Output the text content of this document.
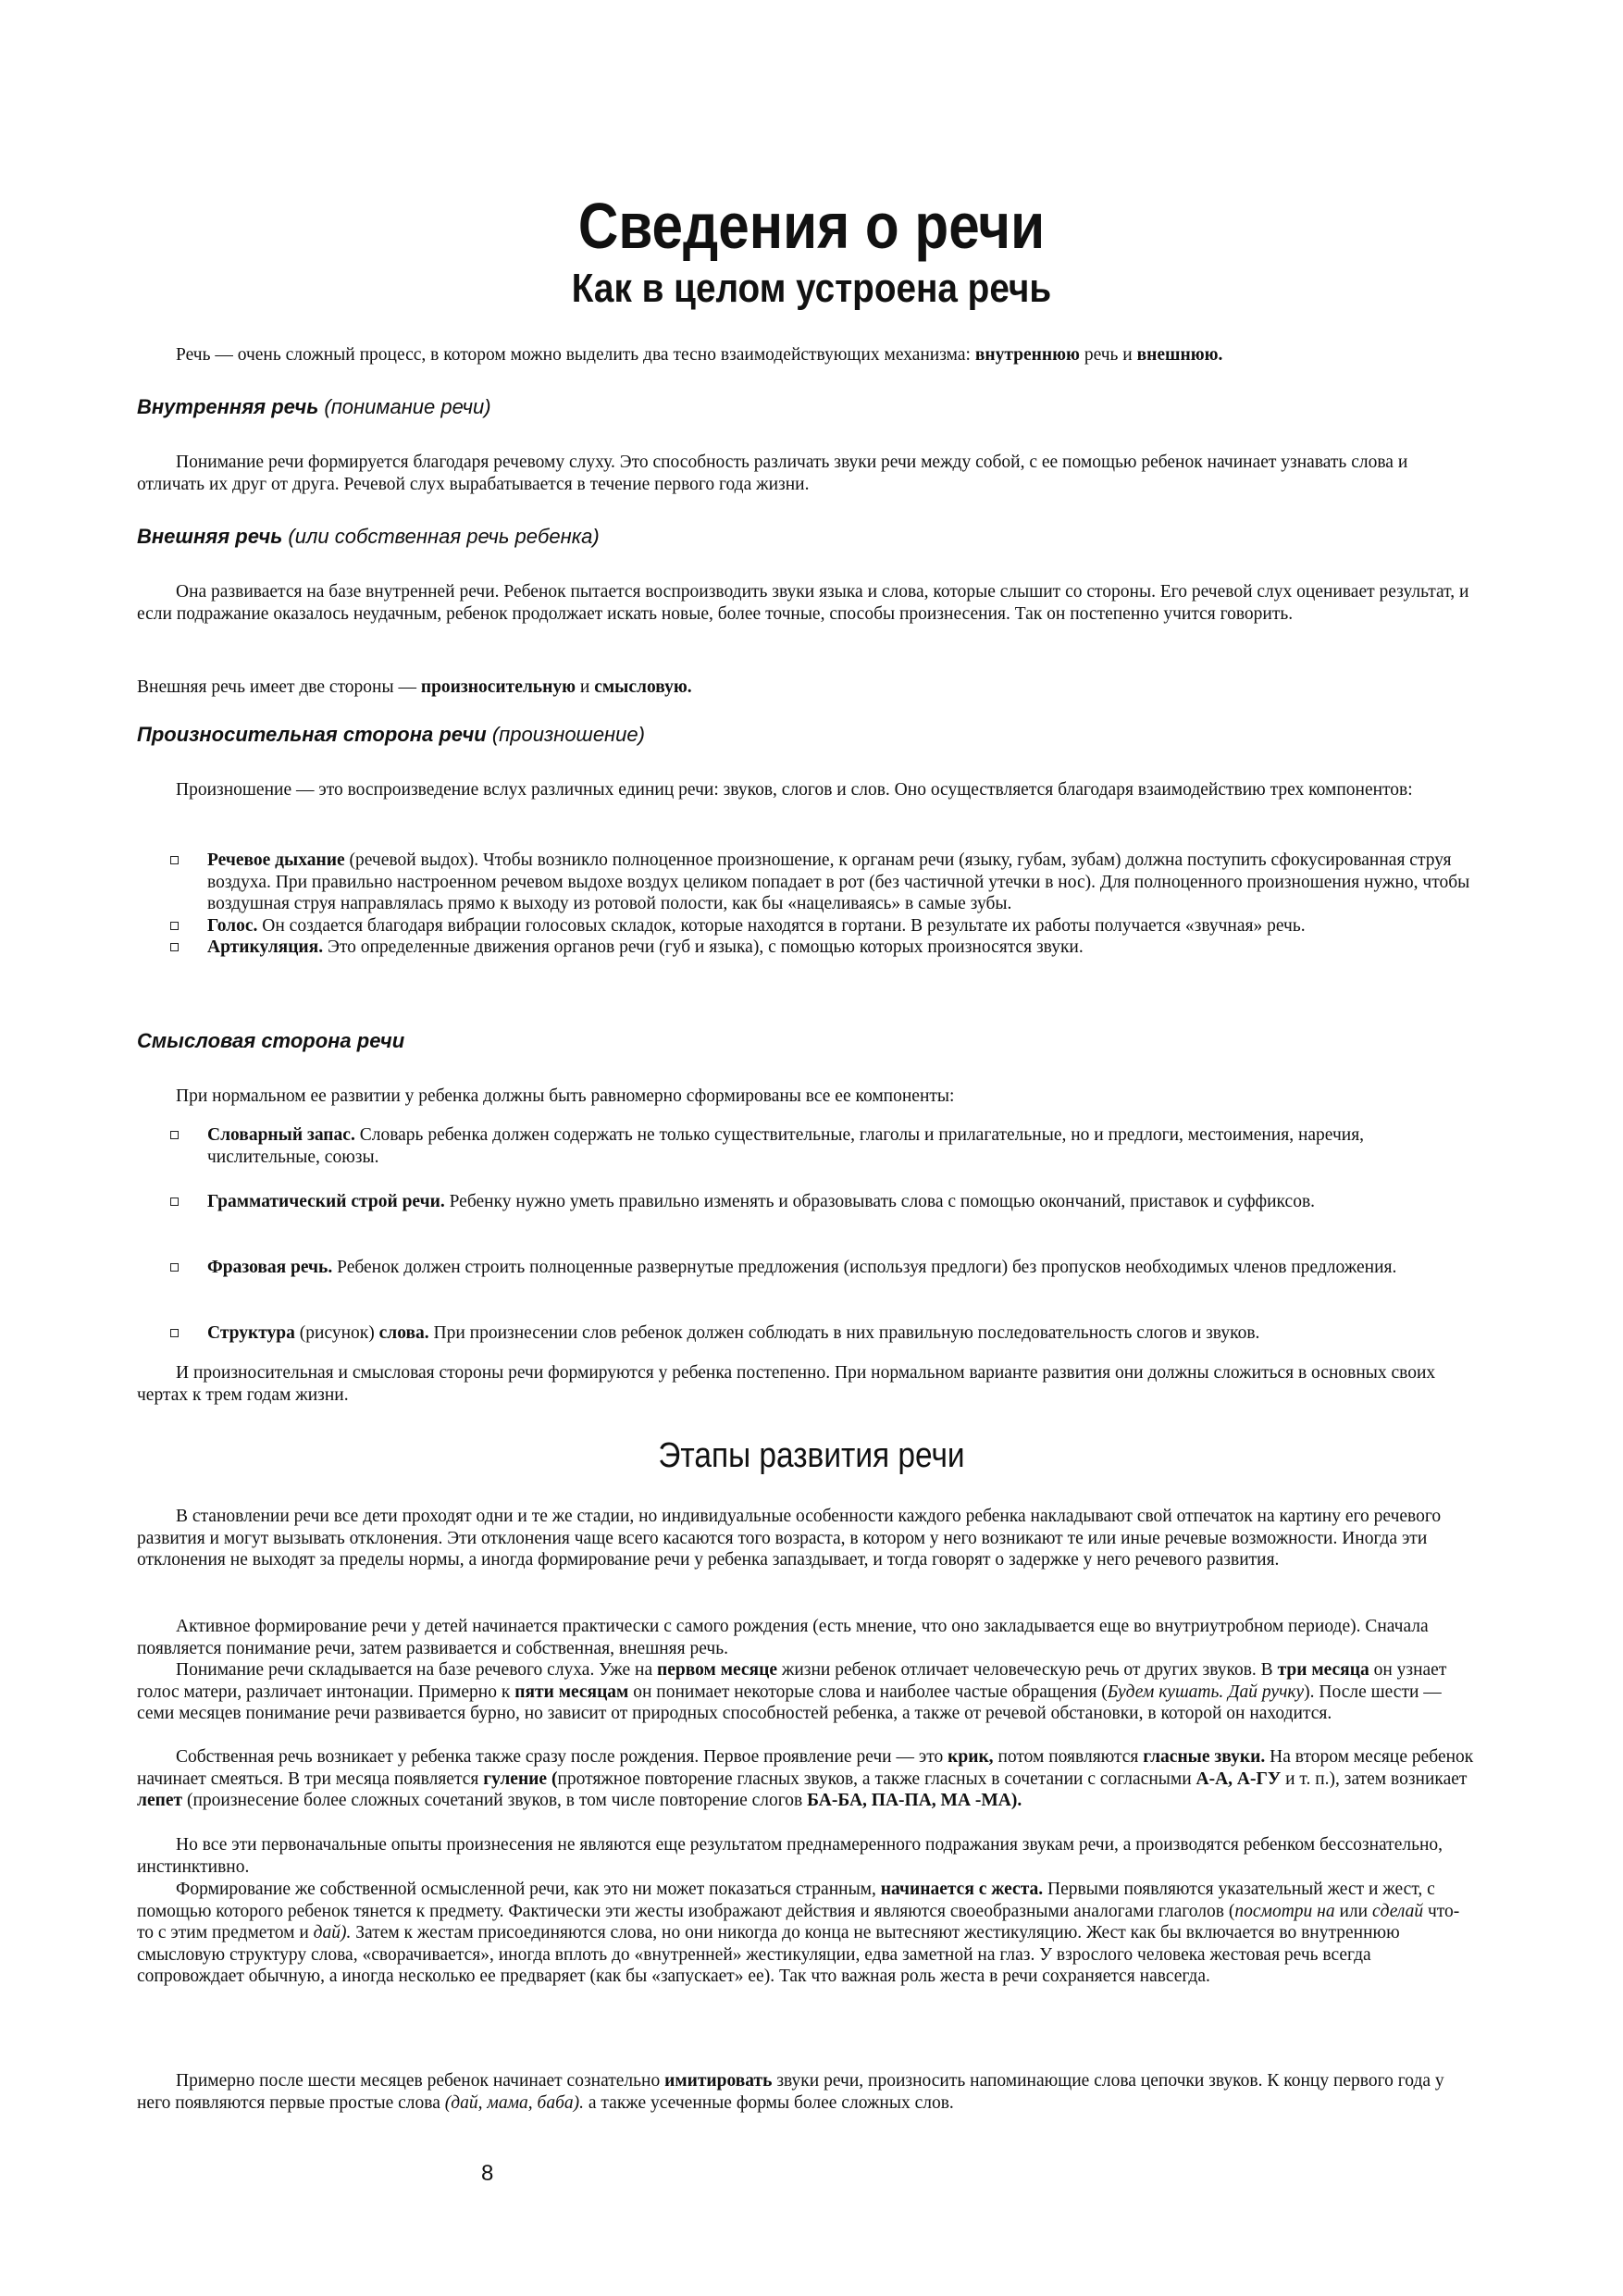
Сведения о речи
Как в целом устроена речь

Речь — очень сложный процесс, в котором можно выделить два тесно взаимодействующих механизма: внутреннюю речь и внешнюю.

Внутренняя речь (понимание речи)

Понимание речи формируется благодаря речевому слуху. Это способность различать звуки речи между собой, с ее помощью ребенок начинает узнавать слова и отличать их друг от друга. Речевой слух вырабатывается в течение первого года жизни.

Внешняя речь (или собственная речь ребенка)

Она развивается на базе внутренней речи. Ребенок пытается воспроизводить звуки языка и слова, которые слышит со стороны. Его речевой слух оценивает результат, и если подражание оказалось неудачным, ребенок продолжает искать новые, более точные, способы произнесения. Так он постепенно учится говорить.

Внешняя речь имеет две стороны — произносительную и смысловую.

Произносительная сторона речи (произношение)

Произношение — это воспроизведение вслух различных единиц речи: звуков, слогов и слов. Оно осуществляется благодаря взаимодействию трех компонентов:

Речевое дыхание (речевой выдох). Чтобы возникло полноценное произношение, к органам речи (языку, губам, зубам) должна поступить сфокусированная струя воздуха. При правильно настроенном речевом выдохе воздух целиком попадает в рот (без частичной утечки в нос). Для полноценного произношения нужно, чтобы воздушная струя направлялась прямо к выходу из ротовой полости, как бы «нацеливаясь» в самые зубы.
Голос. Он создается благодаря вибрации голосовых складок, которые находятся в гортани. В результате их работы получается «звучная» речь.
Артикуляция. Это определенные движения органов речи (губ и языка), с помощью которых произносятся звуки.
Смысловая сторона речи

При нормальном ее развитии у ребенка должны быть равномерно сформированы все ее компоненты:

Словарный запас. Словарь ребенка должен содержать не только существительные, глаголы и прилагательные, но и предлоги, местоимения, наречия, числительные, союзы.
Грамматический строй речи. Ребенку нужно уметь правильно изменять и образовывать слова с помощью окончаний, приставок и суффиксов.
Фразовая речь. Ребенок должен строить полноценные развернутые предложения (используя предлоги) без пропусков необходимых членов предложения.
Структура (рисунок) слова. При произнесении слов ребенок должен соблюдать в них правильную последовательность слогов и звуков.

И произносительная и смысловая стороны речи формируются у ребенка постепенно. При нормальном варианте развития они должны сложиться в основных своих чертах к трем годам жизни.

Этапы развития речи

В становлении речи все дети проходят одни и те же стадии, но индивидуальные особенности каждого ребенка накладывают свой отпечаток на картину его речевого развития и могут вызывать отклонения. Эти отклонения чаще всего касаются того возраста, в котором у него возникают те или иные речевые возможности. Иногда эти отклонения не выходят за пределы нормы, а иногда формирование речи у ребенка запаздывает, и тогда говорят о задержке у него речевого развития.

Активное формирование речи у детей начинается практически с самого рождения (есть мнение, что оно закладывается еще во внутриутробном периоде). Сначала появляется понимание речи, затем развивается и собственная, внешняя речь.

Понимание речи складывается на базе речевого слуха. Уже на первом месяце жизни ребенок отличает человеческую речь от других звуков. В три месяца он узнает голос матери, различает интонации. Примерно к пяти месяцам он понимает некоторые слова и наиболее частые обращения (Будем кушать. Дай ручку). После шести — семи месяцев понимание речи развивается бурно, но зависит от природных способностей ребенка, а также от речевой обстановки, в которой он находится.

Собственная речь возникает у ребенка также сразу после рождения. Первое проявление речи — это крик, потом появляются гласные звуки. На втором месяце ребенок начинает смеяться. В три месяца появляется гуление (протяжное повторение гласных звуков, а также гласных в сочетании с согласными А-А, А-ГУ и т. п.), затем возникает лепет (произнесение более сложных сочетаний звуков, в том числе повторение слогов БА-БА, ПА-ПА, МА -МА).

Но все эти первоначальные опыты произнесения не являются еще результатом преднамеренного подражания звукам речи, а производятся ребенком бессознательно, инстинктивно.

Формирование же собственной осмысленной речи, как это ни может показаться странным, начинается с жеста. Первыми появляются указательный жест и жест, с помощью которого ребенок тянется к предмету. Фактически эти жесты изображают действия и являются своеобразными аналогами глаголов (посмотри на или сделай что-то с этим предметом и дай). Затем к жестам присоединяются слова, но они никогда до конца не вытесняют жестикуляцию. Жест как бы включается во внутреннюю смысловую структуру слова, «сворачивается», иногда вплоть до «внутренней» жестикуляции, едва заметной на глаз. У взрослого человека жестовая речь всегда сопровождает обычную, а иногда несколько ее предваряет (как бы «запускает» ее). Так что важная роль жеста в речи сохраняется навсегда.

Примерно после шести месяцев ребенок начинает сознательно имитировать звуки речи, произносить напоминающие слова цепочки звуков. К концу первого года у него появляются первые простые слова (дай, мама, баба). а также усеченные формы более сложных слов.

8
